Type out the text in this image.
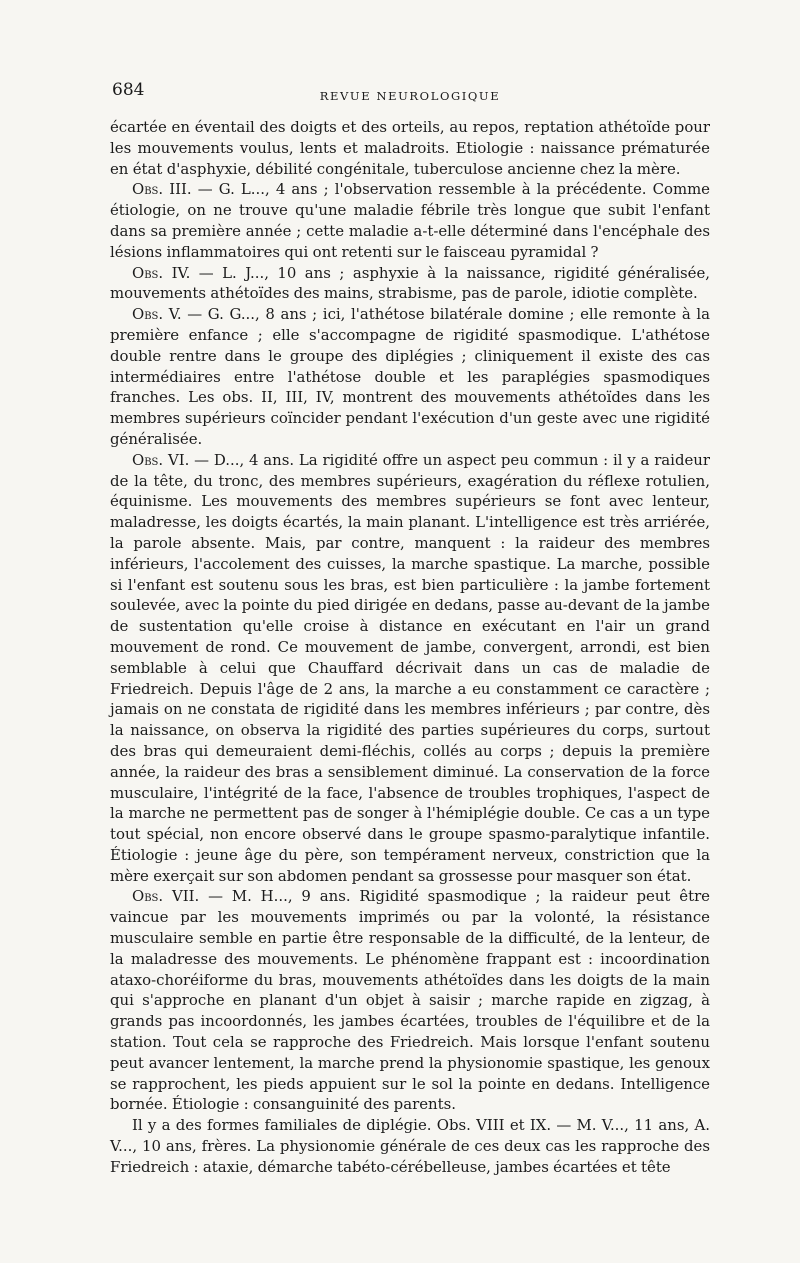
684	REVUE NEUROLOGIQUE

écartée en éventail des doigts et des orteils, au repos, reptation athétoïde pour les mouvements voulus, lents et maladroits. Etiologie : naissance prématurée en état d'asphyxie, débilité congénitale, tuberculose ancienne chez la mère.

Obs. III. — G. L..., 4 ans ; l'observation ressemble à la précédente. Comme étiologie, on ne trouve qu'une maladie fébrile très longue que subit l'enfant dans sa première année ; cette maladie a-t-elle déterminé dans l'encéphale des lésions inflammatoires qui ont retenti sur le faisceau pyramidal ?

Obs. IV. — L. J..., 10 ans ; asphyxie à la naissance, rigidité généralisée, mouvements athétoïdes des mains, strabisme, pas de parole, idiotie complète.

Obs. V. — G. G..., 8 ans ; ici, l'athétose bilatérale domine ; elle remonte à la première enfance ; elle s'accompagne de rigidité spasmodique. L'athétose double rentre dans le groupe des diplégies ; cliniquement il existe des cas intermédiaires entre l'athétose double et les paraplégies spasmodiques franches. Les obs. II, III, IV, montrent des mouvements athétoïdes dans les membres supérieurs coïncider pendant l'exécution d'un geste avec une rigidité généralisée.

Obs. VI. — D..., 4 ans. La rigidité offre un aspect peu commun : il y a raideur de la tête, du tronc, des membres supérieurs, exagération du réflexe rotulien, équinisme. Les mouvements des membres supérieurs se font avec lenteur, maladresse, les doigts écartés, la main planant. L'intelligence est très arriérée, la parole absente. Mais, par contre, manquent : la raideur des membres inférieurs, l'accolement des cuisses, la marche spastique. La marche, possible si l'enfant est soutenu sous les bras, est bien particulière : la jambe fortement soulevée, avec la pointe du pied dirigée en dedans, passe au-devant de la jambe de sustentation qu'elle croise à distance en exécutant en l'air un grand mouvement de rond. Ce mouvement de jambe, convergent, arrondi, est bien semblable à celui que Chauffard décrivait dans un cas de maladie de Friedreich. Depuis l'âge de 2 ans, la marche a eu constamment ce caractère ; jamais on ne constata de rigidité dans les membres inférieurs ; par contre, dès la naissance, on observa la rigidité des parties supérieures du corps, surtout des bras qui demeuraient demi-fléchis, collés au corps ; depuis la première année, la raideur des bras a sensiblement diminué. La conservation de la force musculaire, l'intégrité de la face, l'absence de troubles trophiques, l'aspect de la marche ne permettent pas de songer à l'hémiplégie double. Ce cas a un type tout spécial, non encore observé dans le groupe spasmo-paralytique infantile. Étiologie : jeune âge du père, son tempérament nerveux, constriction que la mère exerçait sur son abdomen pendant sa grossesse pour masquer son état.

Obs. VII. — M. H..., 9 ans. Rigidité spasmodique ; la raideur peut être vaincue par les mouvements imprimés ou par la volonté, la résistance musculaire semble en partie être responsable de la difficulté, de la lenteur, de la maladresse des mouvements. Le phénomène frappant est : incoordination ataxo-choréiforme du bras, mouvements athétoïdes dans les doigts de la main qui s'approche en planant d'un objet à saisir ; marche rapide en zigzag, à grands pas incoordonnés, les jambes écartées, troubles de l'équilibre et de la station. Tout cela se rapproche des Friedreich. Mais lorsque l'enfant soutenu peut avancer lentement, la marche prend la physionomie spastique, les genoux se rapprochent, les pieds appuient sur le sol la pointe en dedans. Intelligence bornée. Étiologie : consanguinité des parents.

Il y a des formes familiales de diplégie. Obs. VIII et IX. — M. V..., 11 ans, A. V..., 10 ans, frères. La physionomie générale de ces deux cas les rapproche des Friedreich : ataxie, démarche tabéto-cérébelleuse, jambes écartées et tête
